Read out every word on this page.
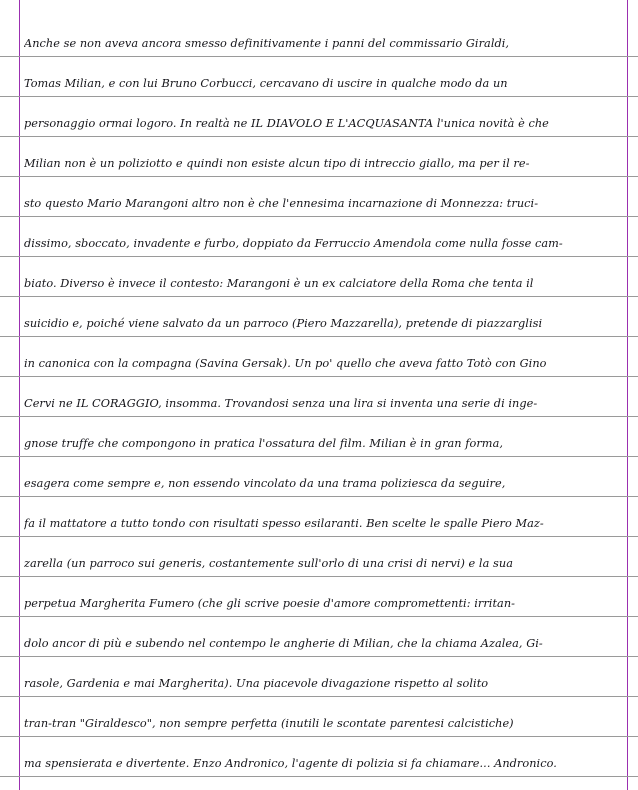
Anche se non aveva ancora smesso definitivamente i panni del commissario Giraldi,
Tomas Milian, e con lui Bruno Corbucci, cercavano di uscire in qualche modo da un
personaggio ormai logoro. In realtà ne IL DIAVOLO E L'ACQUASANTA l'unica novità è che
Milian non è un poliziotto e quindi non esiste alcun tipo di intreccio giallo, ma per il re-
sto questo Mario Marangoni altro non è che l'ennesima incarnazione di Monnezza: truci-
dissimo, sboccato, invadente e furbo, doppiato da Ferruccio Amendola come nulla fosse cam-
biato. Diverso è invece il contesto: Marangoni è un ex calciatore della Roma che tenta il
suicidio e, poiché viene salvato da un parroco (Piero Mazzarella), pretende di piazzarglisi
in canonica con la compagna (Savina Gersak). Un po' quello che aveva fatto Totò con Gino
Cervi ne IL CORAGGIO, insomma. Trovandosi senza una lira si inventa una serie di inge-
gnose truffe che compongono in pratica l'ossatura del film. Milian è in gran forma,
esagera come sempre e, non essendo vincolato da una trama poliziesca da seguire,
fa il mattatore a tutto tondo con risultati spesso esilaranti. Ben scelte le spalle Piero Maz-
zarella (un parroco sui generis, costantemente sull'orlo di una crisi di nervi) e la sua
perpetua Margherita Fumero (che gli scrive poesie d'amore compromettenti: irritan-
dolo ancor di più e subendo nel contempo le angherie di Milian, che la chiama Azalea, Gi-
rasole, Gardenia e mai Margherita). Una piacevole divagazione rispetto al solito
tran-tran "Giraldesco", non sempre perfetta (inutili le scontate parentesi calcistiche)
ma spensierata e divertente. Enzo Andronico, l'agente di polizia si fa chiamare... Andronico.
